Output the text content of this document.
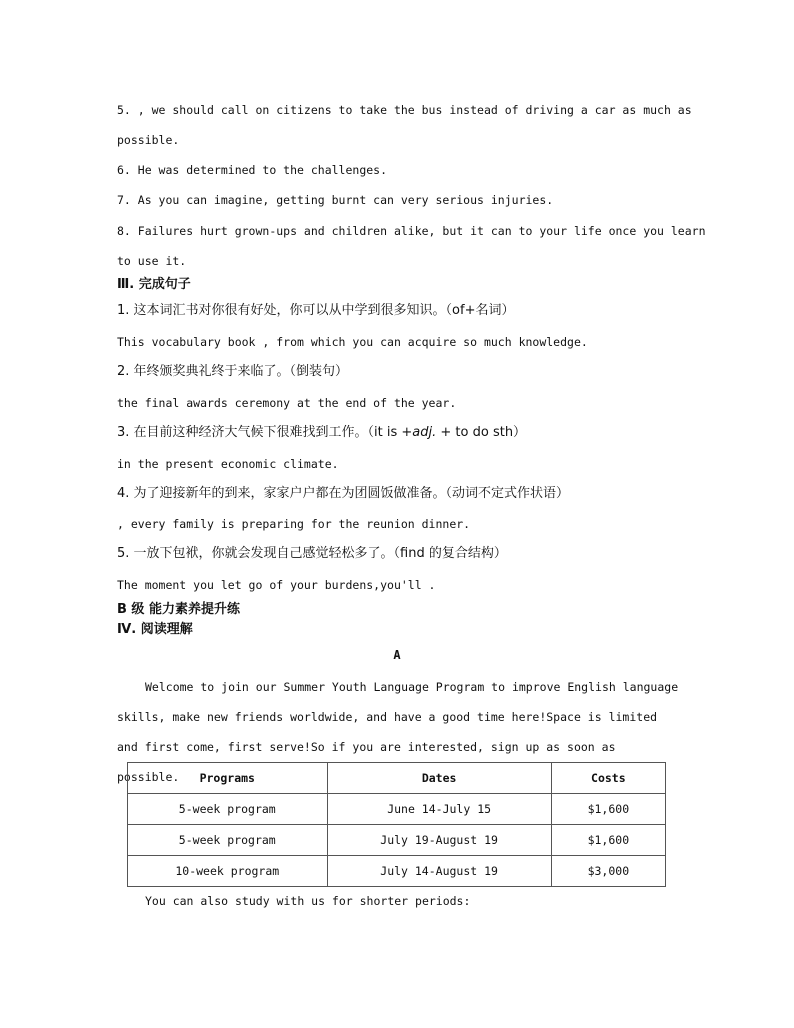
5. , we should call on citizens to take the bus instead of driving a car as much as
possible.
6. He was determined to the challenges.
7. As you can imagine, getting burnt can very serious injuries.
8. Failures hurt grown-ups and children alike, but it can to your life once you learn
to use it.
Ⅲ. 完成句子
1. 这本词汇书对你很有好处，你可以从中学到很多知识。（of+名词）
This vocabulary book , from which you can acquire so much knowledge.
2. 年终颁奖典礼终于来临了。（倒装句）
the final awards ceremony at the end of the year.
3. 在目前这种经济大气候下很难找到工作。（it is +adj. + to do sth）
in the present economic climate.
4. 为了迎接新年的到来，家家户户都在为团圆饭做准备。（动词不定式作状语）
, every family is preparing for the reunion dinner.
5. 一放下包袱，你就会发现自己感觉轻松多了。（find 的复合结构）
The moment you let go of your burdens,you'll .
B 级 能力素养提升练
Ⅳ. 阅读理解
A
Welcome to join our Summer Youth Language Program to improve English language skills, make new friends worldwide, and have a good time here!Space is limited and first come, first serve!So if you are interested, sign up as soon as possible.	Programs	Dates	Costs
5-week program	June 14-July 15	$1,600
5-week program	July 19-August 19	$1,600
10-week program	July 14-August 19	$3,000
You can also study with us for shorter periods:
